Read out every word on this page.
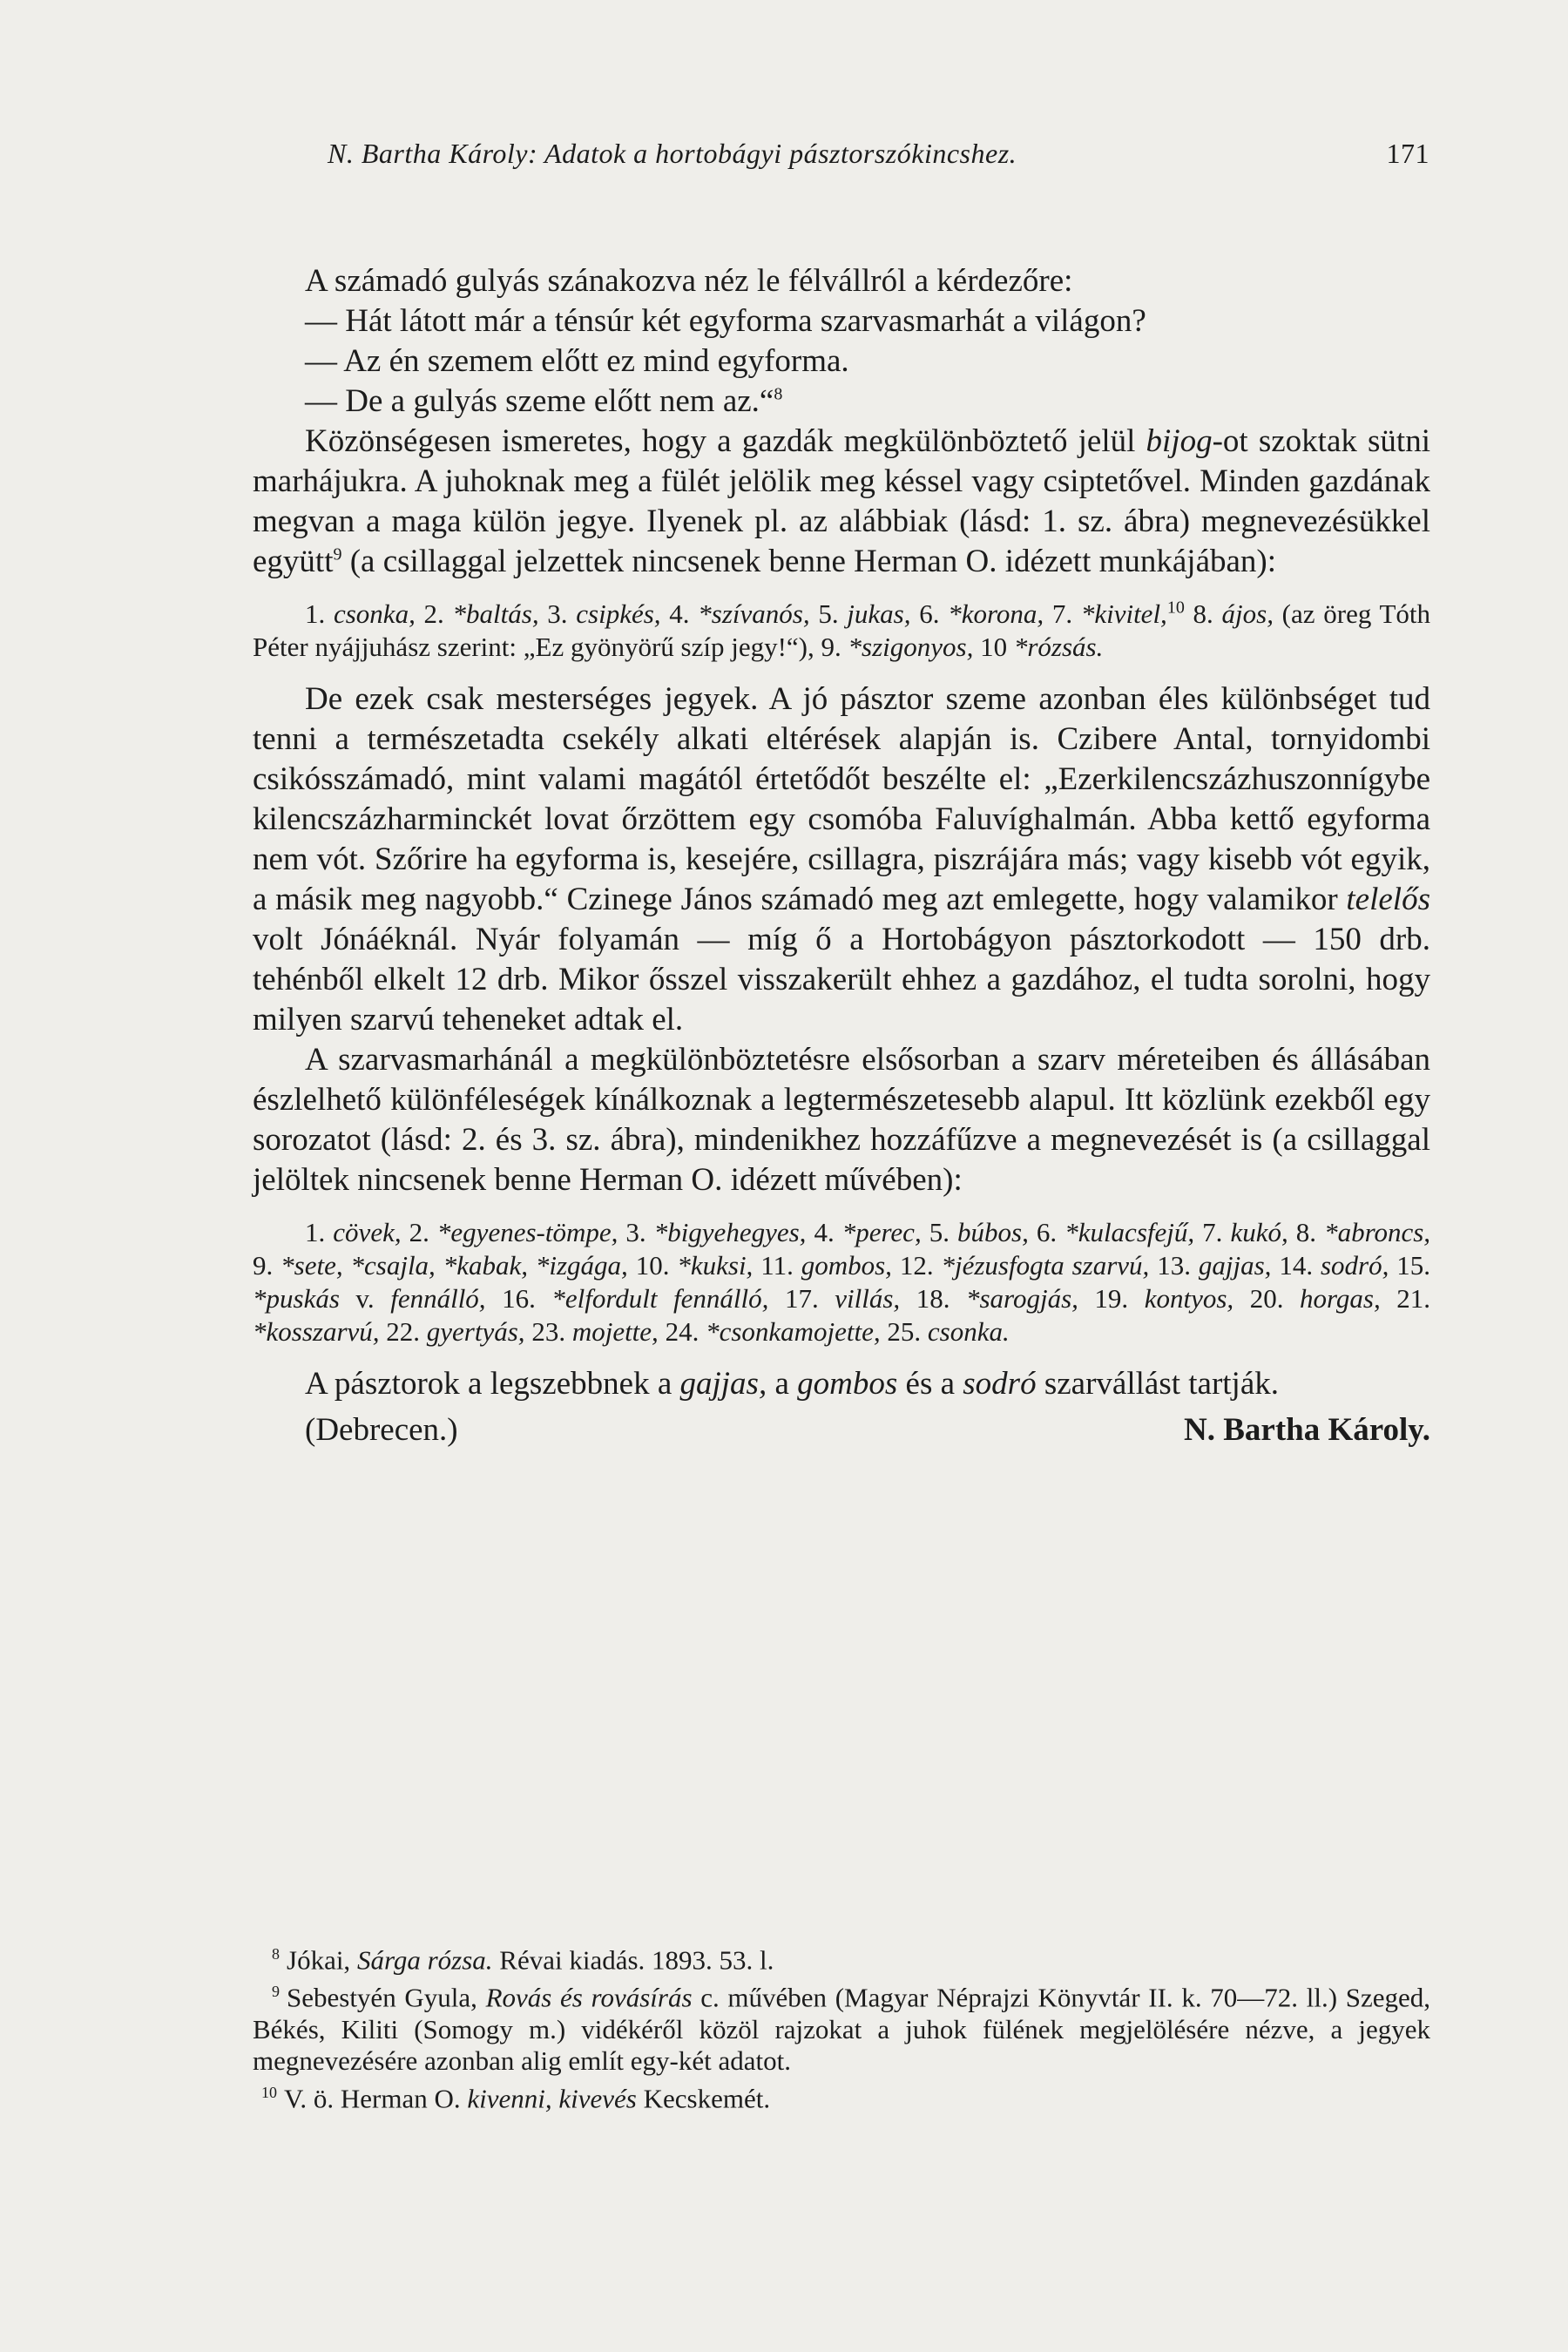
N. Bartha Károly: Adatok a hortobágyi pásztorszókincshez.	171

A számadó gulyás szánakozva néz le félvállról a kérdezőre:

— Hát látott már a ténsúr két egyforma szarvasmarhát a világon?

— Az én szemem előtt ez mind egyforma.

— De a gulyás szeme előtt nem az.“$^8$

Közönségesen ismeretes, hogy a gazdák megkülönböztető jelül bijog-ot szoktak sütni marhájukra. A juhoknak meg a fülét jelölik meg késsel vagy csiptetővel. Minden gazdának megvan a maga külön jegye. Ilyenek pl. az alábbiak (lásd: 1. sz. ábra) megnevezésükkel együtt$^9$ (a csillaggal jelzettek nincsenek benne Herman O. idézett munkájában):

1. csonka, 2. *baltás, 3. csipkés, 4. *szívanós, 5. jukas, 6. *korona, 7. *kivitel,$^{10}$ 8. ájos, (az öreg Tóth Péter nyájjuhász szerint: „Ez gyönyörű szíp jegy!“), 9. *szigonyos, 10 *rózsás.

De ezek csak mesterséges jegyek. A jó pásztor szeme azonban éles különbséget tud tenni a természetadta csekély alkati eltérések alapján is. Czibere Antal, tornyidombi csikósszámadó, mint valami magától értetődőt beszélte el: „Ezerkilencszázhuszonnígybe kilencszázharminckét lovat őrzöttem egy csomóba Faluvíghalmán. Abba kettő egyforma nem vót. Szőrire ha egyforma is, kesejére, csillagra, piszrájára más; vagy kisebb vót egyik, a másik meg nagyobb.“ Czinege János számadó meg azt emlegette, hogy valamikor telelős volt Jónáéknál. Nyár folyamán — míg ő a Hortobágyon pásztorkodott — 150 drb. tehénből elkelt 12 drb. Mikor ősszel visszakerült ehhez a gazdához, el tudta sorolni, hogy milyen szarvú teheneket adtak el.

A szarvasmarhánál a megkülönböztetésre elsősorban a szarv méreteiben és állásában észlelhető különféleségek kínálkoznak a legtermészetesebb alapul. Itt közlünk ezekből egy sorozatot (lásd: 2. és 3. sz. ábra), mindenikhez hozzáfűzve a megnevezését is (a csillaggal jelöltek nincsenek benne Herman O. idézett művében):

1. cövek, 2. *egyenes-tömpe, 3. *bigyehegyes, 4. *perec, 5. búbos, 6. *kulacsfejű, 7. kukó, 8. *abroncs, 9. *sete, *csajla, *kabak, *izgága, 10. *kuksi, 11. gombos, 12. *jézusfogta szarvú, 13. gajjas, 14. sodró, 15. *puskás v. fennálló, 16. *elfordult fennálló, 17. villás, 18. *sarogjás, 19. kontyos, 20. horgas, 21. *kosszarvú, 22. gyertyás, 23. mojette, 24. *csonkamojette, 25. csonka.

A pásztorok a legszebbnek a gajjas, a gombos és a sodró szarvállást tartják.

(Debrecen.)	N. Bartha Károly.

$^8$ Jókai, Sárga rózsa. Révai kiadás. 1893. 53. l.

$^9$ Sebestyén Gyula, Rovás és rovásírás c. művében (Magyar Néprajzi Könyvtár II. k. 70—72. ll.) Szeged, Békés, Kiliti (Somogy m.) vidékéről közöl rajzokat a juhok fülének megjelölésére nézve, a jegyek megnevezésére azonban alig említ egy-két adatot.

$^{10}$ V. ö. Herman O. kivenni, kivevés Kecskemét.
